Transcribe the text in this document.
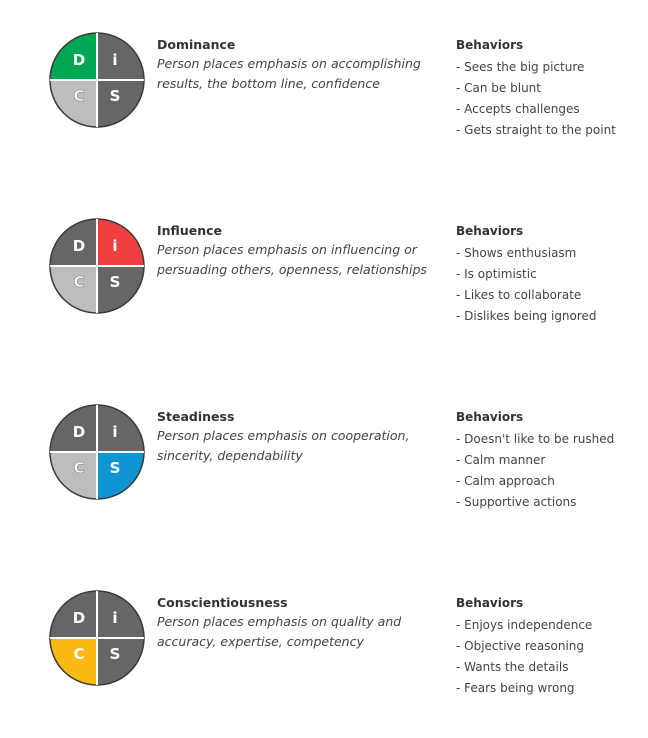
D i
C S
Dominance
Person places emphasis on accomplishing results, the bottom line, confidence
Behaviors
- Sees the big picture
- Can be blunt
- Accepts challenges
- Gets straight to the point
D i
C S
Influence
Person places emphasis on influencing or persuading others, openness, relationships
Behaviors
- Shows enthusiasm
- Is optimistic
- Likes to collaborate
- Dislikes being ignored
D i
C S
Steadiness
Person places emphasis on cooperation, sincerity, dependability
Behaviors
- Doesn't like to be rushed
- Calm manner
- Calm approach
- Supportive actions
D i
C S
Conscientiousness
Person places emphasis on quality and accuracy, expertise, competency
Behaviors
- Enjoys independence
- Objective reasoning
- Wants the details
- Fears being wrong
